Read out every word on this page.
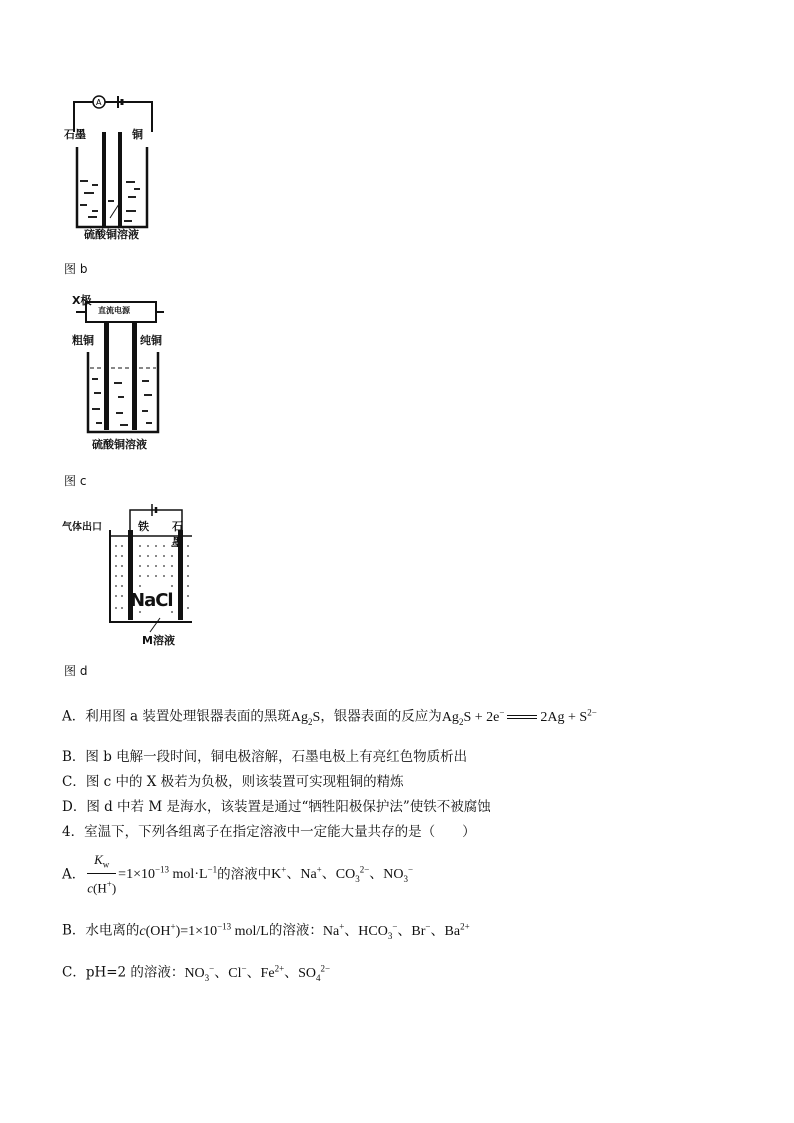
A
石墨	铜
硫酸铜溶液
图 b
X极
直流电源
粗铜	纯铜
硫酸铜溶液
图 c
气体出口	铁 石墨
NaCl
M溶液
图 d
A．利用图 a 装置处理银器表面的黑斑$Ag_2S$，银器表面的反应为$Ag_2S + 2e^-$	$2Ag + S^{2-}$
B．图 b 电解一段时间，铜电极溶解，石墨电极上有亮红色物质析出
C．图 c 中的 X 极若为负极，则该装置可实现粗铜的精炼
D．图 d 中若 M 是海水，该装置是通过“牺牲阳极保护法”使铁不被腐蚀
4．室温下，下列各组离子在指定溶液中一定能大量共存的是（　　）
A． $\frac{K_w}{c(H^+)} =1\times 10^{-13}$ $mol\cdot L^{-1}$的溶液中K+、Na+、$CO_3^{2-}$、$NO_3^-$
B．水电离的$c(OH^+)=1\times 10^{-13}$ mol/L的溶液：Na+、$HCO_3^-$、Br−、$Ba^{2+}$
C．pH=2 的溶液：$NO_3^-$、Cl−、$Fe^{2+}$、$SO_4^{2-}$
